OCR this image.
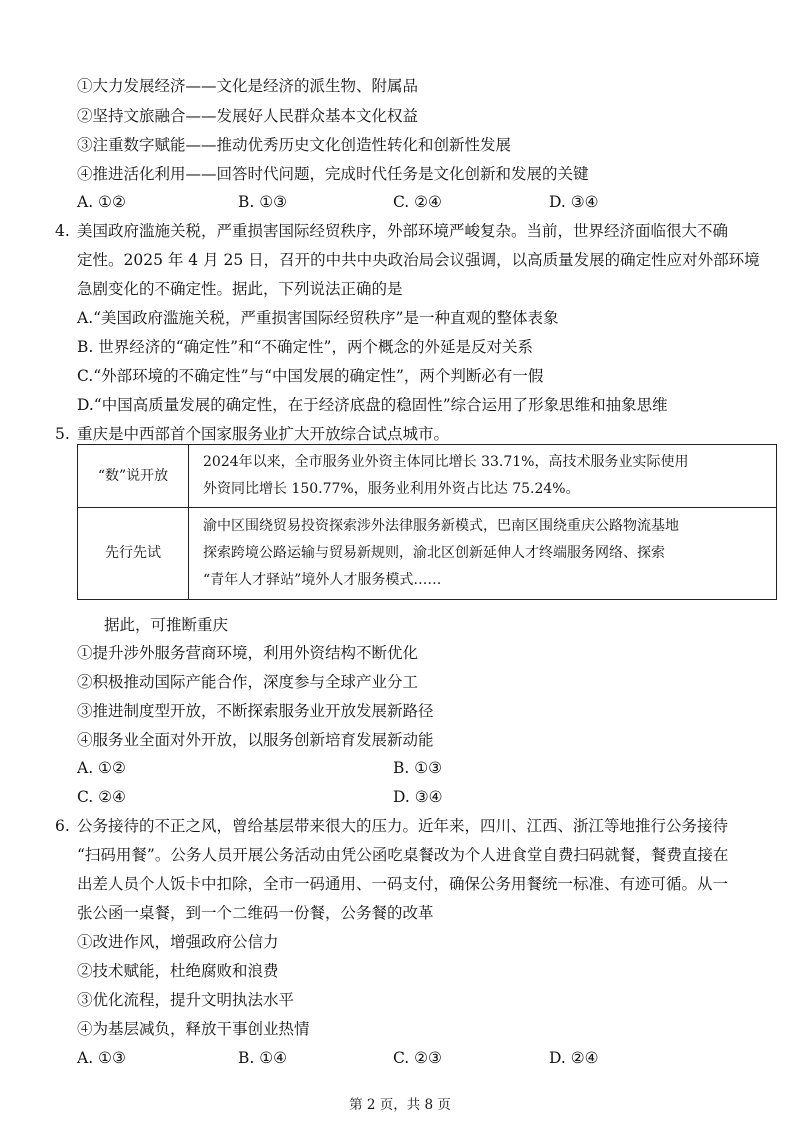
①大力发展经济——文化是经济的派生物、附属品
②坚持文旅融合——发展好人民群众基本文化权益
③注重数字赋能——推动优秀历史文化创造性转化和创新性发展
④推进活化利用——回答时代问题，完成时代任务是文化创新和发展的关键
A. ①②	B. ①③	C. ②④	D. ③④
4. 美国政府滥施关税，严重损害国际经贸秩序，外部环境严峻复杂。当前，世界经济面临很大不确
定性。2025 年 4 月 25 日，召开的中共中央政治局会议强调，以高质量发展的确定性应对外部环境
急剧变化的不确定性。据此，下列说法正确的是
A.“美国政府滥施关税，严重损害国际经贸秩序”是一种直观的整体表象
B. 世界经济的“确定性”和“不确定性”，两个概念的外延是反对关系
C.“外部环境的不确定性”与“中国发展的确定性”，两个判断必有一假
D.“中国高质量发展的确定性，在于经济底盘的稳固性”综合运用了形象思维和抽象思维
5. 重庆是中西部首个国家服务业扩大开放综合试点城市。
“数”说开放	2024年以来，全市服务业外资主体同比增长 33.71%，高技术服务业实际使用
外资同比增长 150.77%，服务业利用外资占比达 75.24%。

先行先试	渝中区围绕贸易投资探索涉外法律服务新模式，巴南区围绕重庆公路物流基地
探索跨境公路运输与贸易新规则，渝北区创新延伸人才终端服务网络、探索
“青年人才驿站”境外人才服务模式……
据此，可推断重庆
①提升涉外服务营商环境，利用外资结构不断优化
②积极推动国际产能合作，深度参与全球产业分工
③推进制度型开放，不断探索服务业开放发展新路径
④服务业全面对外开放，以服务创新培育发展新动能
A. ①②	B. ①③
C. ②④	D. ③④
6. 公务接待的不正之风，曾给基层带来很大的压力。近年来，四川、江西、浙江等地推行公务接待
“扫码用餐”。公务人员开展公务活动由凭公函吃桌餐改为个人进食堂自费扫码就餐，餐费直接在
出差人员个人饭卡中扣除，全市一码通用、一码支付，确保公务用餐统一标准、有迹可循。从一
张公函一桌餐，到一个二维码一份餐，公务餐的改革
①改进作风，增强政府公信力
②技术赋能，杜绝腐败和浪费
③优化流程，提升文明执法水平
④为基层减负，释放干事创业热情
A. ①③	B. ①④	C. ②③	D. ②④
第 2 页，共 8 页
